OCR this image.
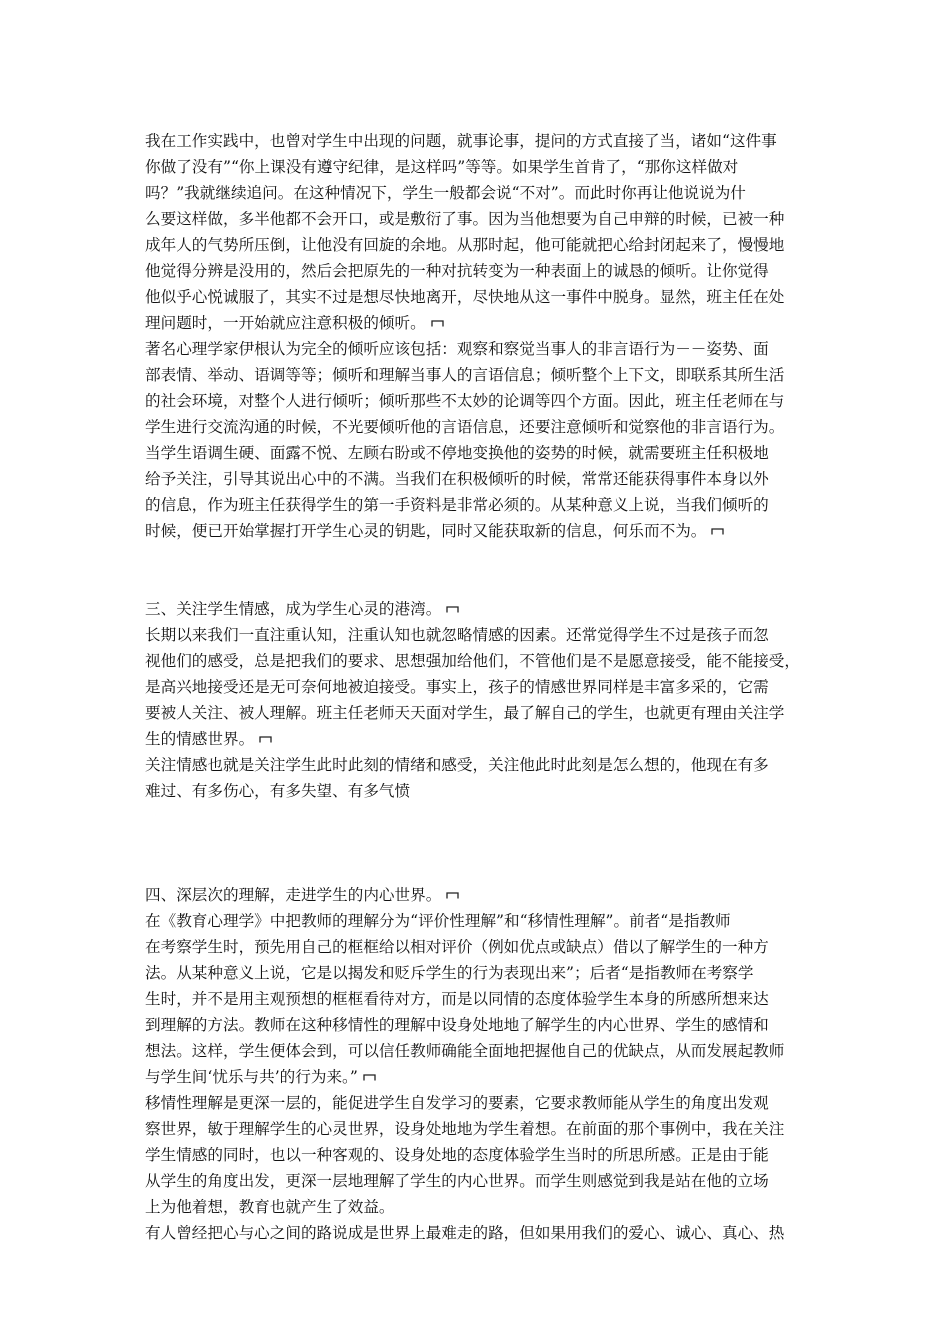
我在工作实践中，也曾对学生中出现的问题，就事论事，提问的方式直接了当，诸如“这件事
你做了没有”“你上课没有遵守纪律，是这样吗”等等。如果学生首肯了，“那你这样做对
吗？”我就继续追问。在这种情况下，学生一般都会说“不对”。而此时你再让他说说为什
么要这样做，多半他都不会开口，或是敷衍了事。因为当他想要为自己申辩的时候，已被一种
成年人的气势所压倒，让他没有回旋的余地。从那时起，他可能就把心给封闭起来了，慢慢地
他觉得分辨是没用的，然后会把原先的一种对抗转变为一种表面上的诚恳的倾听。让你觉得
他似乎心悦诚服了，其实不过是想尽快地离开，尽快地从这一事件中脱身。显然，班主任在处
理问题时，一开始就应注意积极的倾听。
著名心理学家伊根认为完全的倾听应该包括：观察和察觉当事人的非言语行为－－姿势、面
部表情、举动、语调等等；倾听和理解当事人的言语信息；倾听整个上下文，即联系其所生活
的社会环境，对整个人进行倾听；倾听那些不太妙的论调等四个方面。因此，班主任老师在与
学生进行交流沟通的时候，不光要倾听他的言语信息，还要注意倾听和觉察他的非言语行为。
当学生语调生硬、面露不悦、左顾右盼或不停地变换他的姿势的时候，就需要班主任积极地
给予关注，引导其说出心中的不满。当我们在积极倾听的时候，常常还能获得事件本身以外
的信息，作为班主任获得学生的第一手资料是非常必须的。从某种意义上说，当我们倾听的
时候，便已开始掌握打开学生心灵的钥匙，同时又能获取新的信息，何乐而不为。
三、关注学生情感，成为学生心灵的港湾。
长期以来我们一直注重认知，注重认知也就忽略情感的因素。还常觉得学生不过是孩子而忽
视他们的感受，总是把我们的要求、思想强加给他们，不管他们是不是愿意接受，能不能接受，
是高兴地接受还是无可奈何地被迫接受。事实上，孩子的情感世界同样是丰富多采的，它需
要被人关注、被人理解。班主任老师天天面对学生，最了解自己的学生，也就更有理由关注学
生的情感世界。
关注情感也就是关注学生此时此刻的情绪和感受，关注他此时此刻是怎么想的，他现在有多
难过、有多伤心，有多失望、有多气愤
四、深层次的理解，走进学生的内心世界。
在《教育心理学》中把教师的理解分为“评价性理解”和“移情性理解”。前者“是指教师
在考察学生时，预先用自己的框框给以相对评价（例如优点或缺点）借以了解学生的一种方
法。从某种意义上说，它是以揭发和贬斥学生的行为表现出来”；后者“是指教师在考察学
生时，并不是用主观预想的框框看待对方，而是以同情的态度体验学生本身的所感所想来达
到理解的方法。教师在这种移情性的理解中设身处地地了解学生的内心世界、学生的感情和
想法。这样，学生便体会到，可以信任教师确能全面地把握他自己的优缺点，从而发展起教师
与学生间‘忧乐与共’的行为来。”
移情性理解是更深一层的，能促进学生自发学习的要素，它要求教师能从学生的角度出发观
察世界，敏于理解学生的心灵世界，设身处地地为学生着想。在前面的那个事例中，我在关注
学生情感的同时，也以一种客观的、设身处地的态度体验学生当时的所思所感。正是由于能
从学生的角度出发，更深一层地理解了学生的内心世界。而学生则感觉到我是站在他的立场
上为他着想，教育也就产生了效益。
有人曾经把心与心之间的路说成是世界上最难走的路，但如果用我们的爱心、诚心、真心、热
